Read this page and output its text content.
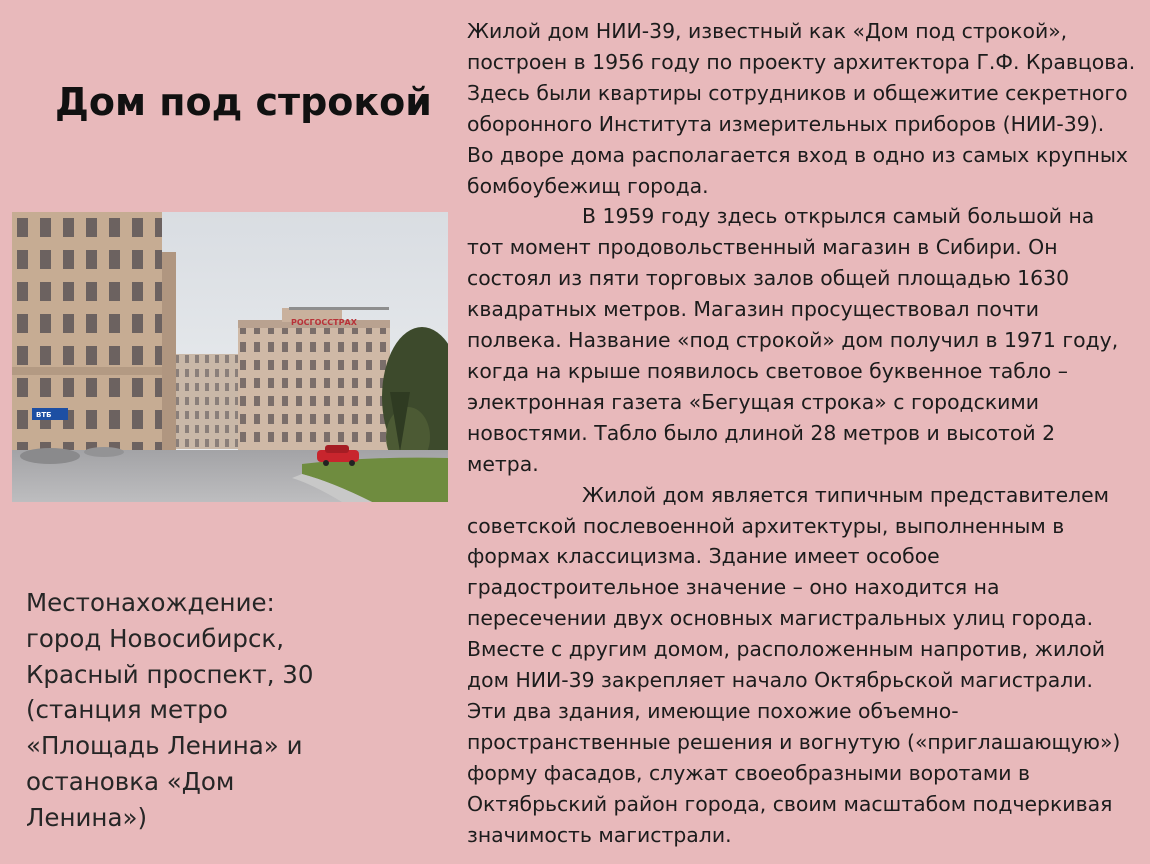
Дом под строкой
РОСГОССТРАХ
ВТБ
Местонахождение:
город Новосибирск,
Красный проспект, 30
(станция метро
«Площадь Ленина» и
остановка «Дом
Ленина»)
Жилой дом НИИ-39, известный как «Дом под строкой»,
построен в 1956 году по проекту архитектора Г.Ф. Кравцова.
Здесь были квартиры сотрудников и общежитие секретного
оборонного Института измерительных приборов (НИИ-39).
Во дворе дома располагается вход в одно из самых крупных
бомбоубежищ города.
В 1959 году здесь открылся самый большой на
тот момент продовольственный магазин в Сибири. Он
состоял из пяти торговых залов общей площадью 1630
квадратных метров. Магазин просуществовал почти
полвека. Название «под строкой» дом получил в 1971 году,
когда на крыше появилось световое буквенное табло –
электронная газета «Бегущая строка» с городскими
новостями. Табло было длиной 28 метров и высотой 2
метра.
Жилой дом является типичным представителем
советской послевоенной архитектуры, выполненным в
формах классицизма. Здание имеет особое
градостроительное значение – оно находится на
пересечении двух основных магистральных улиц города.
Вместе с другим домом, расположенным напротив, жилой
дом НИИ-39 закрепляет начало Октябрьской магистрали.
Эти два здания, имеющие похожие объемно-
пространственные решения и вогнутую («приглашающую»)
форму фасадов, служат своеобразными воротами в
Октябрьский район города, своим масштабом подчеркивая
значимость магистрали.
